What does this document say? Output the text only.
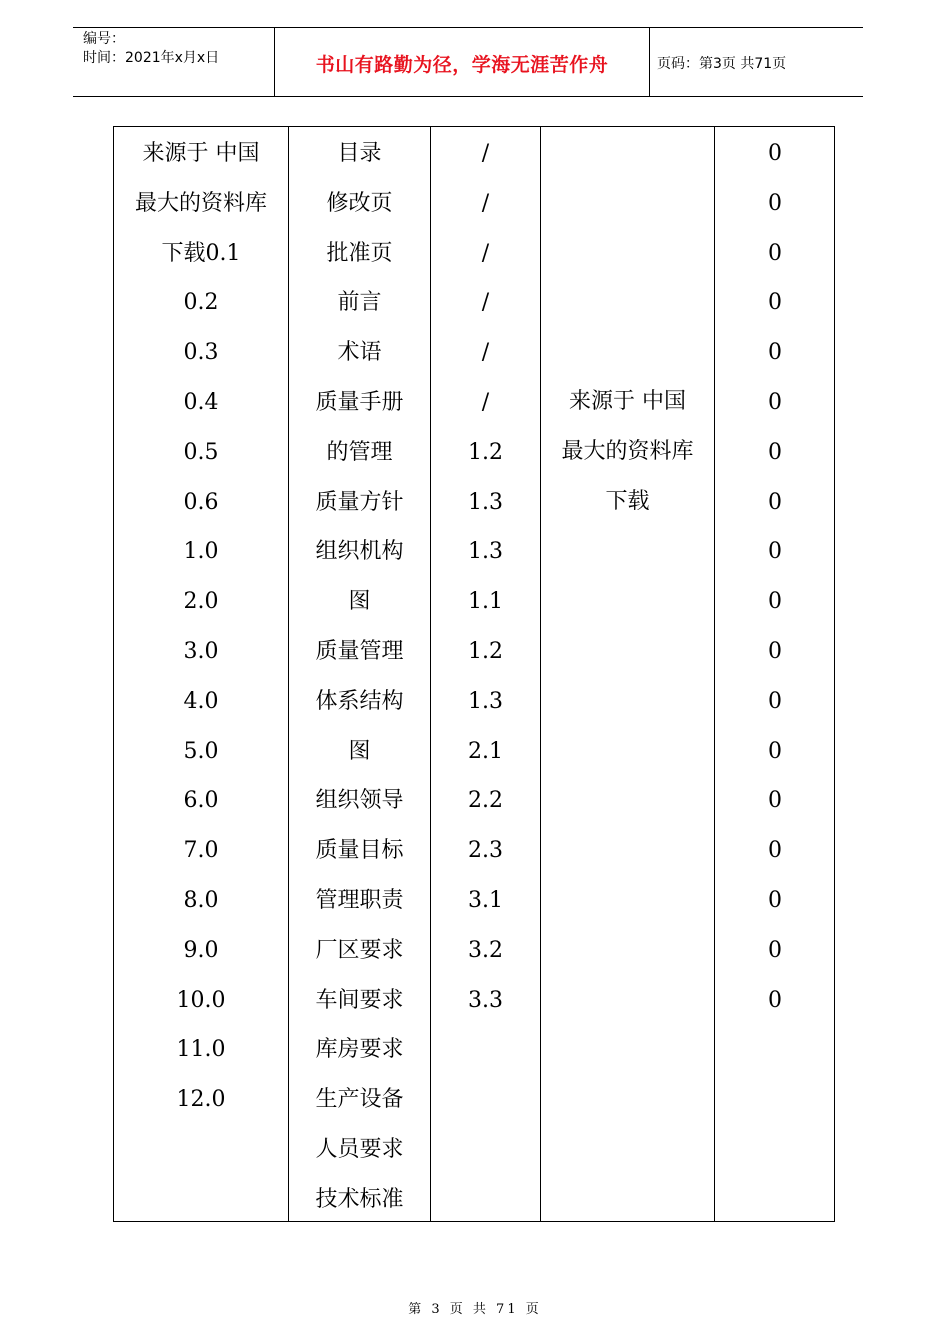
编号：
时间：2021年x月x日	书山有路勤为径，学海无涯苦作舟	页码：第3页 共71页
来源于 中国
最大的资料库
下载0.1
0.2
0.3
0.4
0.5
0.6
1.0
2.0
3.0
4.0
5.0
6.0
7.0
8.0
9.0
10.0
11.0
12.0
目录
修改页
批准页
前言
术语
质量手册
的管理
质量方针
组织机构
图
质量管理
体系结构
图
组织领导
质量目标
管理职责
厂区要求
车间要求
库房要求
生产设备
人员要求
技术标准
/
/
/
/
/
/
1.2
1.3
1.3
1.1
1.2
1.3
2.1
2.2
2.3
3.1
3.2
3.3
来源于 中国
最大的资料库
下载
0
0
0
0
0
0
0
0
0
0
0
0
0
0
0
0
0
0
第 3 页 共 71 页
